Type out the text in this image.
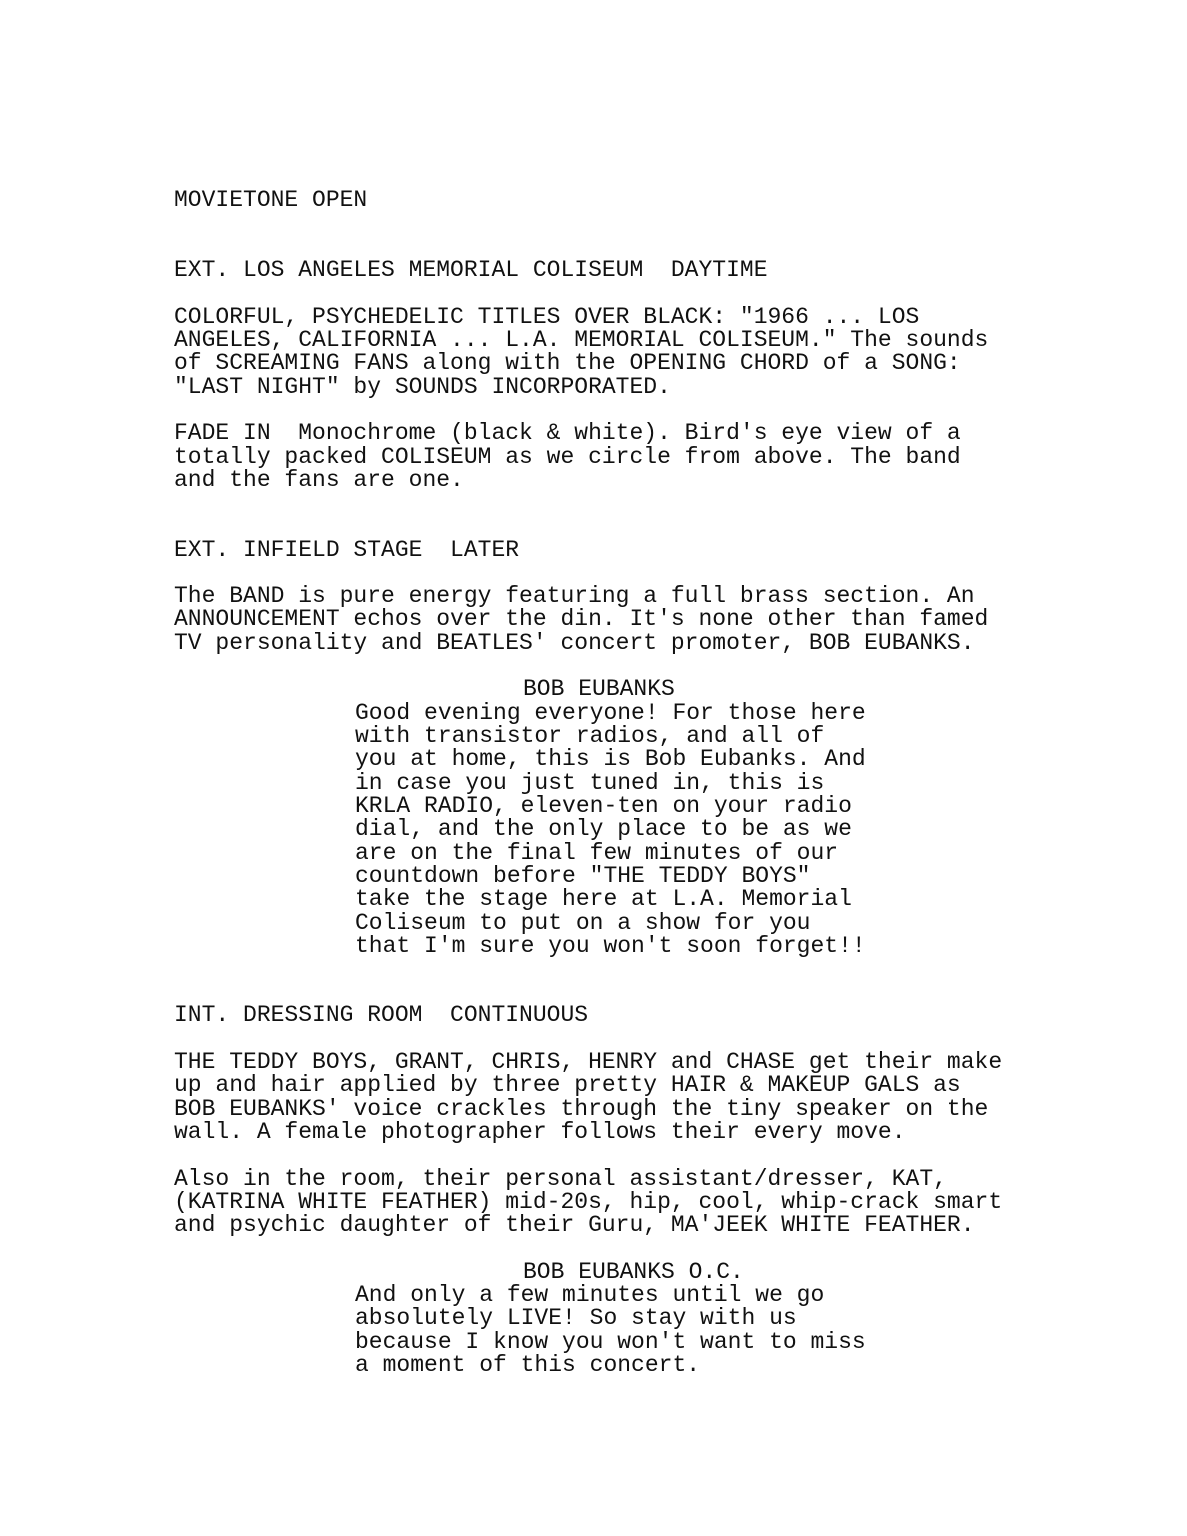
MOVIETONE OPEN
EXT. LOS ANGELES MEMORIAL COLISEUM  DAYTIME
COLORFUL, PSYCHEDELIC TITLES OVER BLACK: "1966 ... LOS
ANGELES, CALIFORNIA ... L.A. MEMORIAL COLISEUM." The sounds
of SCREAMING FANS along with the OPENING CHORD of a SONG:
"LAST NIGHT" by SOUNDS INCORPORATED.
FADE IN  Monochrome (black & white). Bird's eye view of a
totally packed COLISEUM as we circle from above. The band
and the fans are one.
EXT. INFIELD STAGE  LATER
The BAND is pure energy featuring a full brass section. An
ANNOUNCEMENT echos over the din. It's none other than famed
TV personality and BEATLES' concert promoter, BOB EUBANKS.
BOB EUBANKS
Good evening everyone! For those here
with transistor radios, and all of
you at home, this is Bob Eubanks. And
in case you just tuned in, this is
KRLA RADIO, eleven-ten on your radio
dial, and the only place to be as we
are on the final few minutes of our
countdown before "THE TEDDY BOYS"
take the stage here at L.A. Memorial
Coliseum to put on a show for you
that I'm sure you won't soon forget!!
INT. DRESSING ROOM  CONTINUOUS
THE TEDDY BOYS, GRANT, CHRIS, HENRY and CHASE get their make
up and hair applied by three pretty HAIR & MAKEUP GALS as
BOB EUBANKS' voice crackles through the tiny speaker on the
wall. A female photographer follows their every move.
Also in the room, their personal assistant/dresser, KAT,
(KATRINA WHITE FEATHER) mid-20s, hip, cool, whip-crack smart
and psychic daughter of their Guru, MA'JEEK WHITE FEATHER.
BOB EUBANKS O.C.
And only a few minutes until we go
absolutely LIVE! So stay with us
because I know you won't want to miss
a moment of this concert.
